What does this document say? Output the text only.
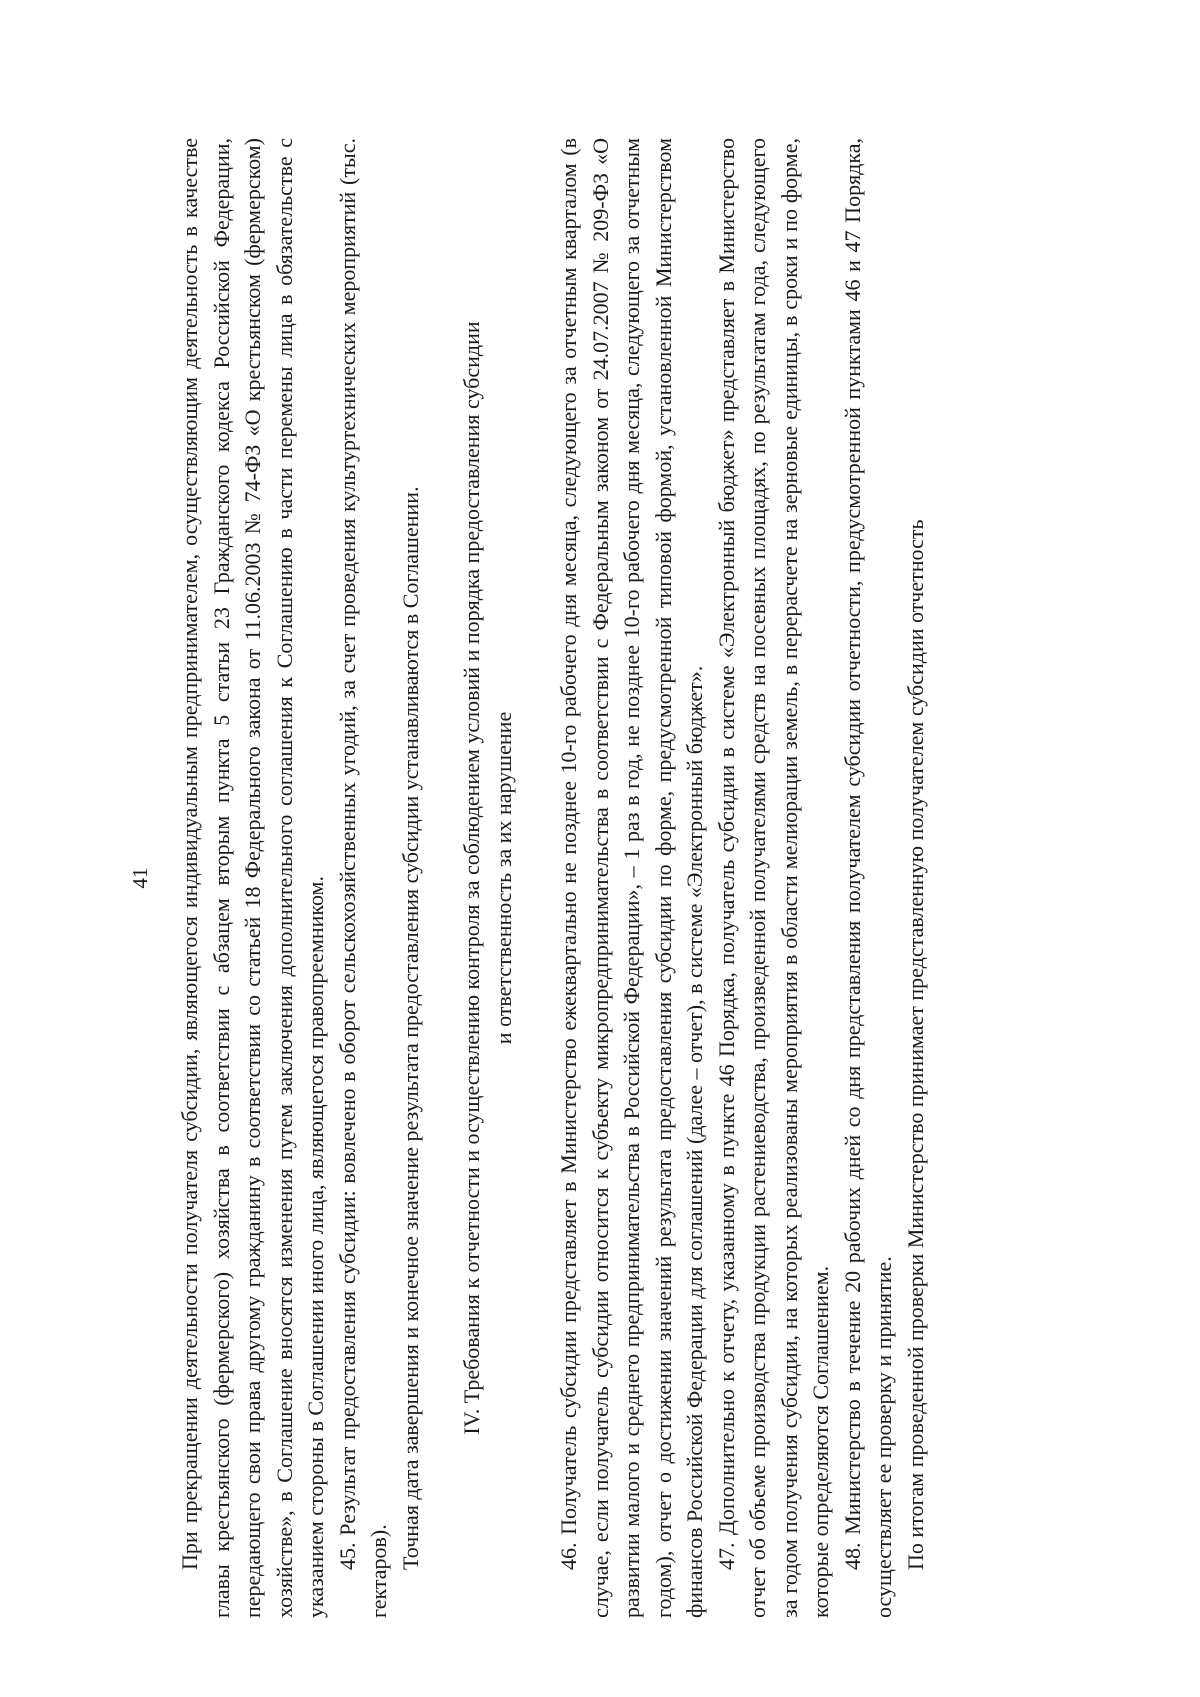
41	При прекращении деятельности получателя субсидии, являющегося индивидуальным предпринимателем, осуществляющим деятельность в качестве главы крестьянского (фермерского) хозяйства в соответствии с абзацем вторым пункта 5 статьи 23 Гражданского кодекса Российской Федерации, передающего свои права другому гражданину в соответствии со статьей 18 Федерального закона от 11.06.2003 № 74-ФЗ «О крестьянском (фермерском) хозяйстве», в Соглашение вносятся изменения путем заключения дополнительного соглашения к Соглашению в части перемены лица в обязательстве с указанием стороны в Соглашении иного лица, являющегося правопреемником. 45. Результат предоставления субсидии: вовлечено в оборот сельскохозяйственных угодий, за счет проведения культуртехнических мероприятий (тыс. гектаров).

Точная дата завершения и конечное значение результата предоставления субсидии устанавливаются в Соглашении. IV. Требования к отчетности и осуществлению контроля за соблюдением условий и порядка предоставления субсидии и ответственность за их нарушение 46. Получатель субсидии представляет в Министерство ежеквартально не позднее 10-го рабочего дня месяца, следующего за отчетным кварталом (в случае, если получатель субсидии относится к субъекту микропредпринимательства в соответствии с Федеральным законом от 24.07.2007 № 209-ФЗ «О развитии малого и среднего предпринимательства в Российской Федерации», – 1 раз в год, не позднее 10-го рабочего дня месяца, следующего за отчетным годом), отчет о достижении значений результата предоставления субсидии по форме, предусмотренной типовой формой, установленной Министерством финансов Российской Федерации для соглашений (далее – отчет), в системе «Электронный бюджет». 47. Дополнительно к отчету, указанному в пункте 46 Порядка, получатель субсидии в системе «Электронный бюджет» представляет в Министерство отчет об объеме производства продукции растениеводства, произведенной получателями средств на посевных площадях, по результатам года, следующего за годом получения субсидии, на которых реализованы мероприятия в области мелиорации земель, в перерасчете на зерновые единицы, в сроки и по форме, которые определяются Соглашением. 48. Министерство в течение 20 рабочих дней со дня представления получателем субсидии отчетности, предусмотренной пунктами 46 и 47 Порядка, осуществляет ее проверку и принятие. По итогам проведенной проверки Министерство принимает представленную получателем субсидии отчетность
